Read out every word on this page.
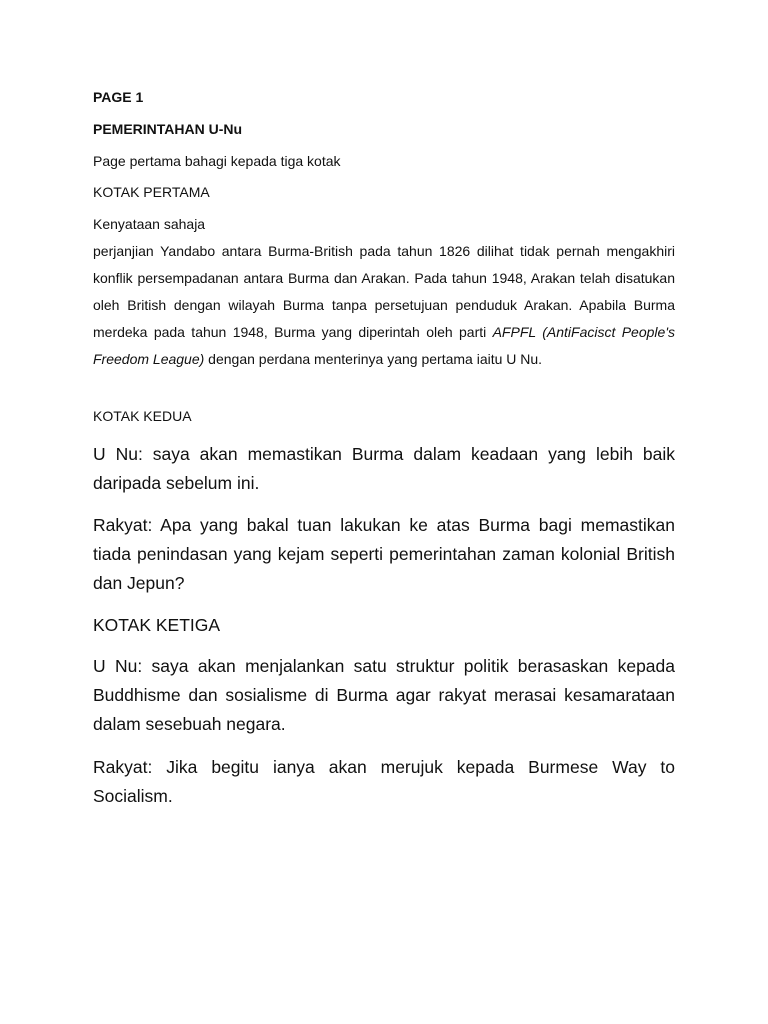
PAGE 1
PEMERINTAHAN U-Nu
Page pertama bahagi kepada tiga kotak
KOTAK PERTAMA
Kenyataan sahaja

perjanjian Yandabo antara Burma-British pada tahun 1826 dilihat tidak pernah mengakhiri konflik persempadanan antara Burma dan Arakan. Pada tahun 1948, Arakan telah disatukan oleh British dengan wilayah Burma tanpa persetujuan penduduk Arakan. Apabila Burma merdeka pada tahun 1948, Burma yang diperintah oleh parti AFPFL (AntiFacisct People's Freedom League) dengan perdana menterinya yang pertama iaitu U Nu.

KOTAK KEDUA

U Nu: saya akan memastikan Burma dalam keadaan yang lebih baik daripada sebelum ini.

Rakyat: Apa yang bakal tuan lakukan ke atas Burma bagi memastikan tiada penindasan yang kejam seperti pemerintahan zaman kolonial British dan Jepun?

KOTAK KETIGA

U Nu: saya akan menjalankan satu struktur politik berasaskan kepada Buddhisme dan sosialisme di Burma agar rakyat merasai kesamarataan dalam sesebuah negara.

Rakyat: Jika begitu ianya akan merujuk kepada Burmese Way to Socialism.
